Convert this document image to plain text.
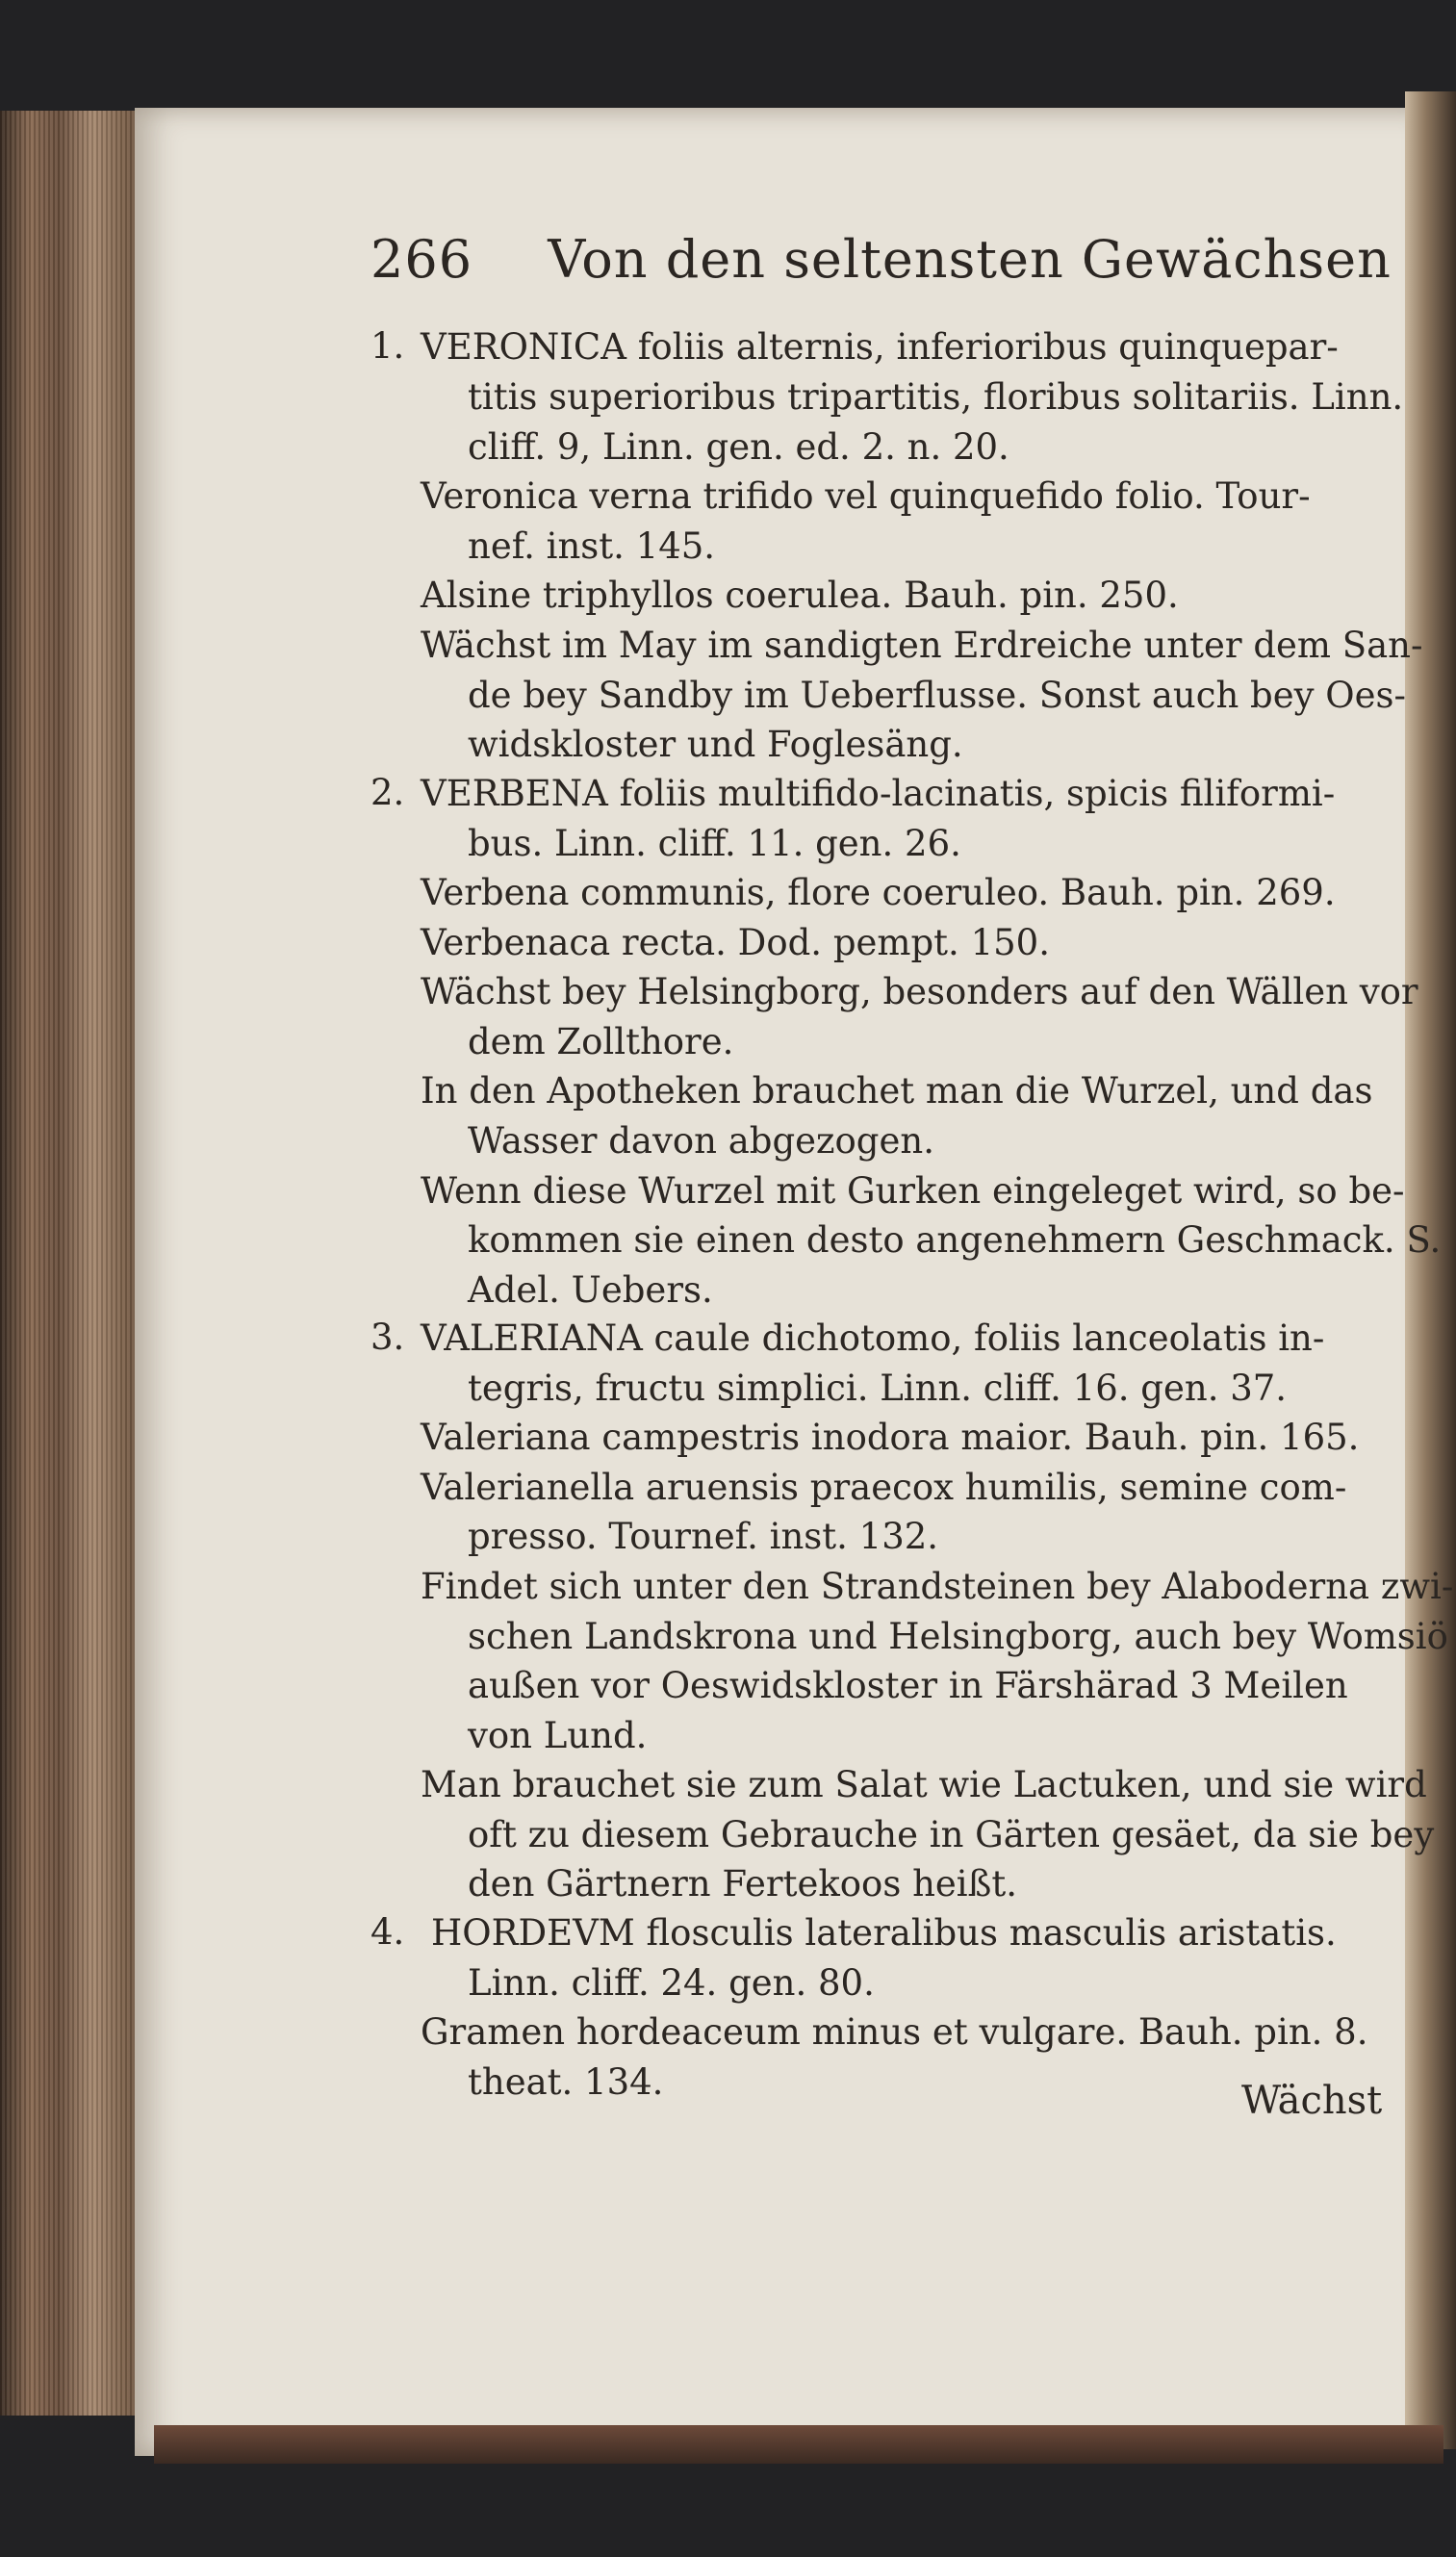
266 Von den seltensten Gewächsen
1. VERONICA foliis alternis, inferioribus quinquepar-
titis superioribus tripartitis, floribus solitariis. Linn.
cliff. 9, Linn. gen. ed. 2. n. 20.
Veronica verna trifido vel quinquefido folio. Tour-
nef. inst. 145.
Alsine triphyllos coerulea. Bauh. pin. 250.
Wächst im May im sandigten Erdreiche unter dem San-
de bey Sandby im Ueberflusse. Sonst auch bey Oes-
widskloster und Foglesäng.
2. VERBENA foliis multifido-lacinatis, spicis filiformi-
bus. Linn. cliff. 11. gen. 26.
Verbena communis, flore coeruleo. Bauh. pin. 269.
Verbenaca recta. Dod. pempt. 150.
Wächst bey Helsingborg, besonders auf den Wällen vor
dem Zollthore.
In den Apotheken brauchet man die Wurzel, und das
Wasser davon abgezogen.
Wenn diese Wurzel mit Gurken eingeleget wird, so be-
kommen sie einen desto angenehmern Geschmack. S.
Adel. Uebers.
3. VALERIANA caule dichotomo, foliis lanceolatis in-
tegris, fructu simplici. Linn. cliff. 16. gen. 37.
Valeriana campestris inodora maior. Bauh. pin. 165.
Valerianella aruensis praecox humilis, semine com-
presso. Tournef. inst. 132.
Findet sich unter den Strandsteinen bey Alaboderna zwi-
schen Landskrona und Helsingborg, auch bey Womsiö
außen vor Oeswidskloster in Färshärad 3 Meilen
von Lund.
Man brauchet sie zum Salat wie Lactuken, und sie wird
oft zu diesem Gebrauche in Gärten gesäet, da sie bey
den Gärtnern Fertekoos heißt.
4. HORDEVM flosculis lateralibus masculis aristatis.
Linn. cliff. 24. gen. 80.
Gramen hordeaceum minus et vulgare. Bauh. pin. 8.
theat. 134.	Wächst
